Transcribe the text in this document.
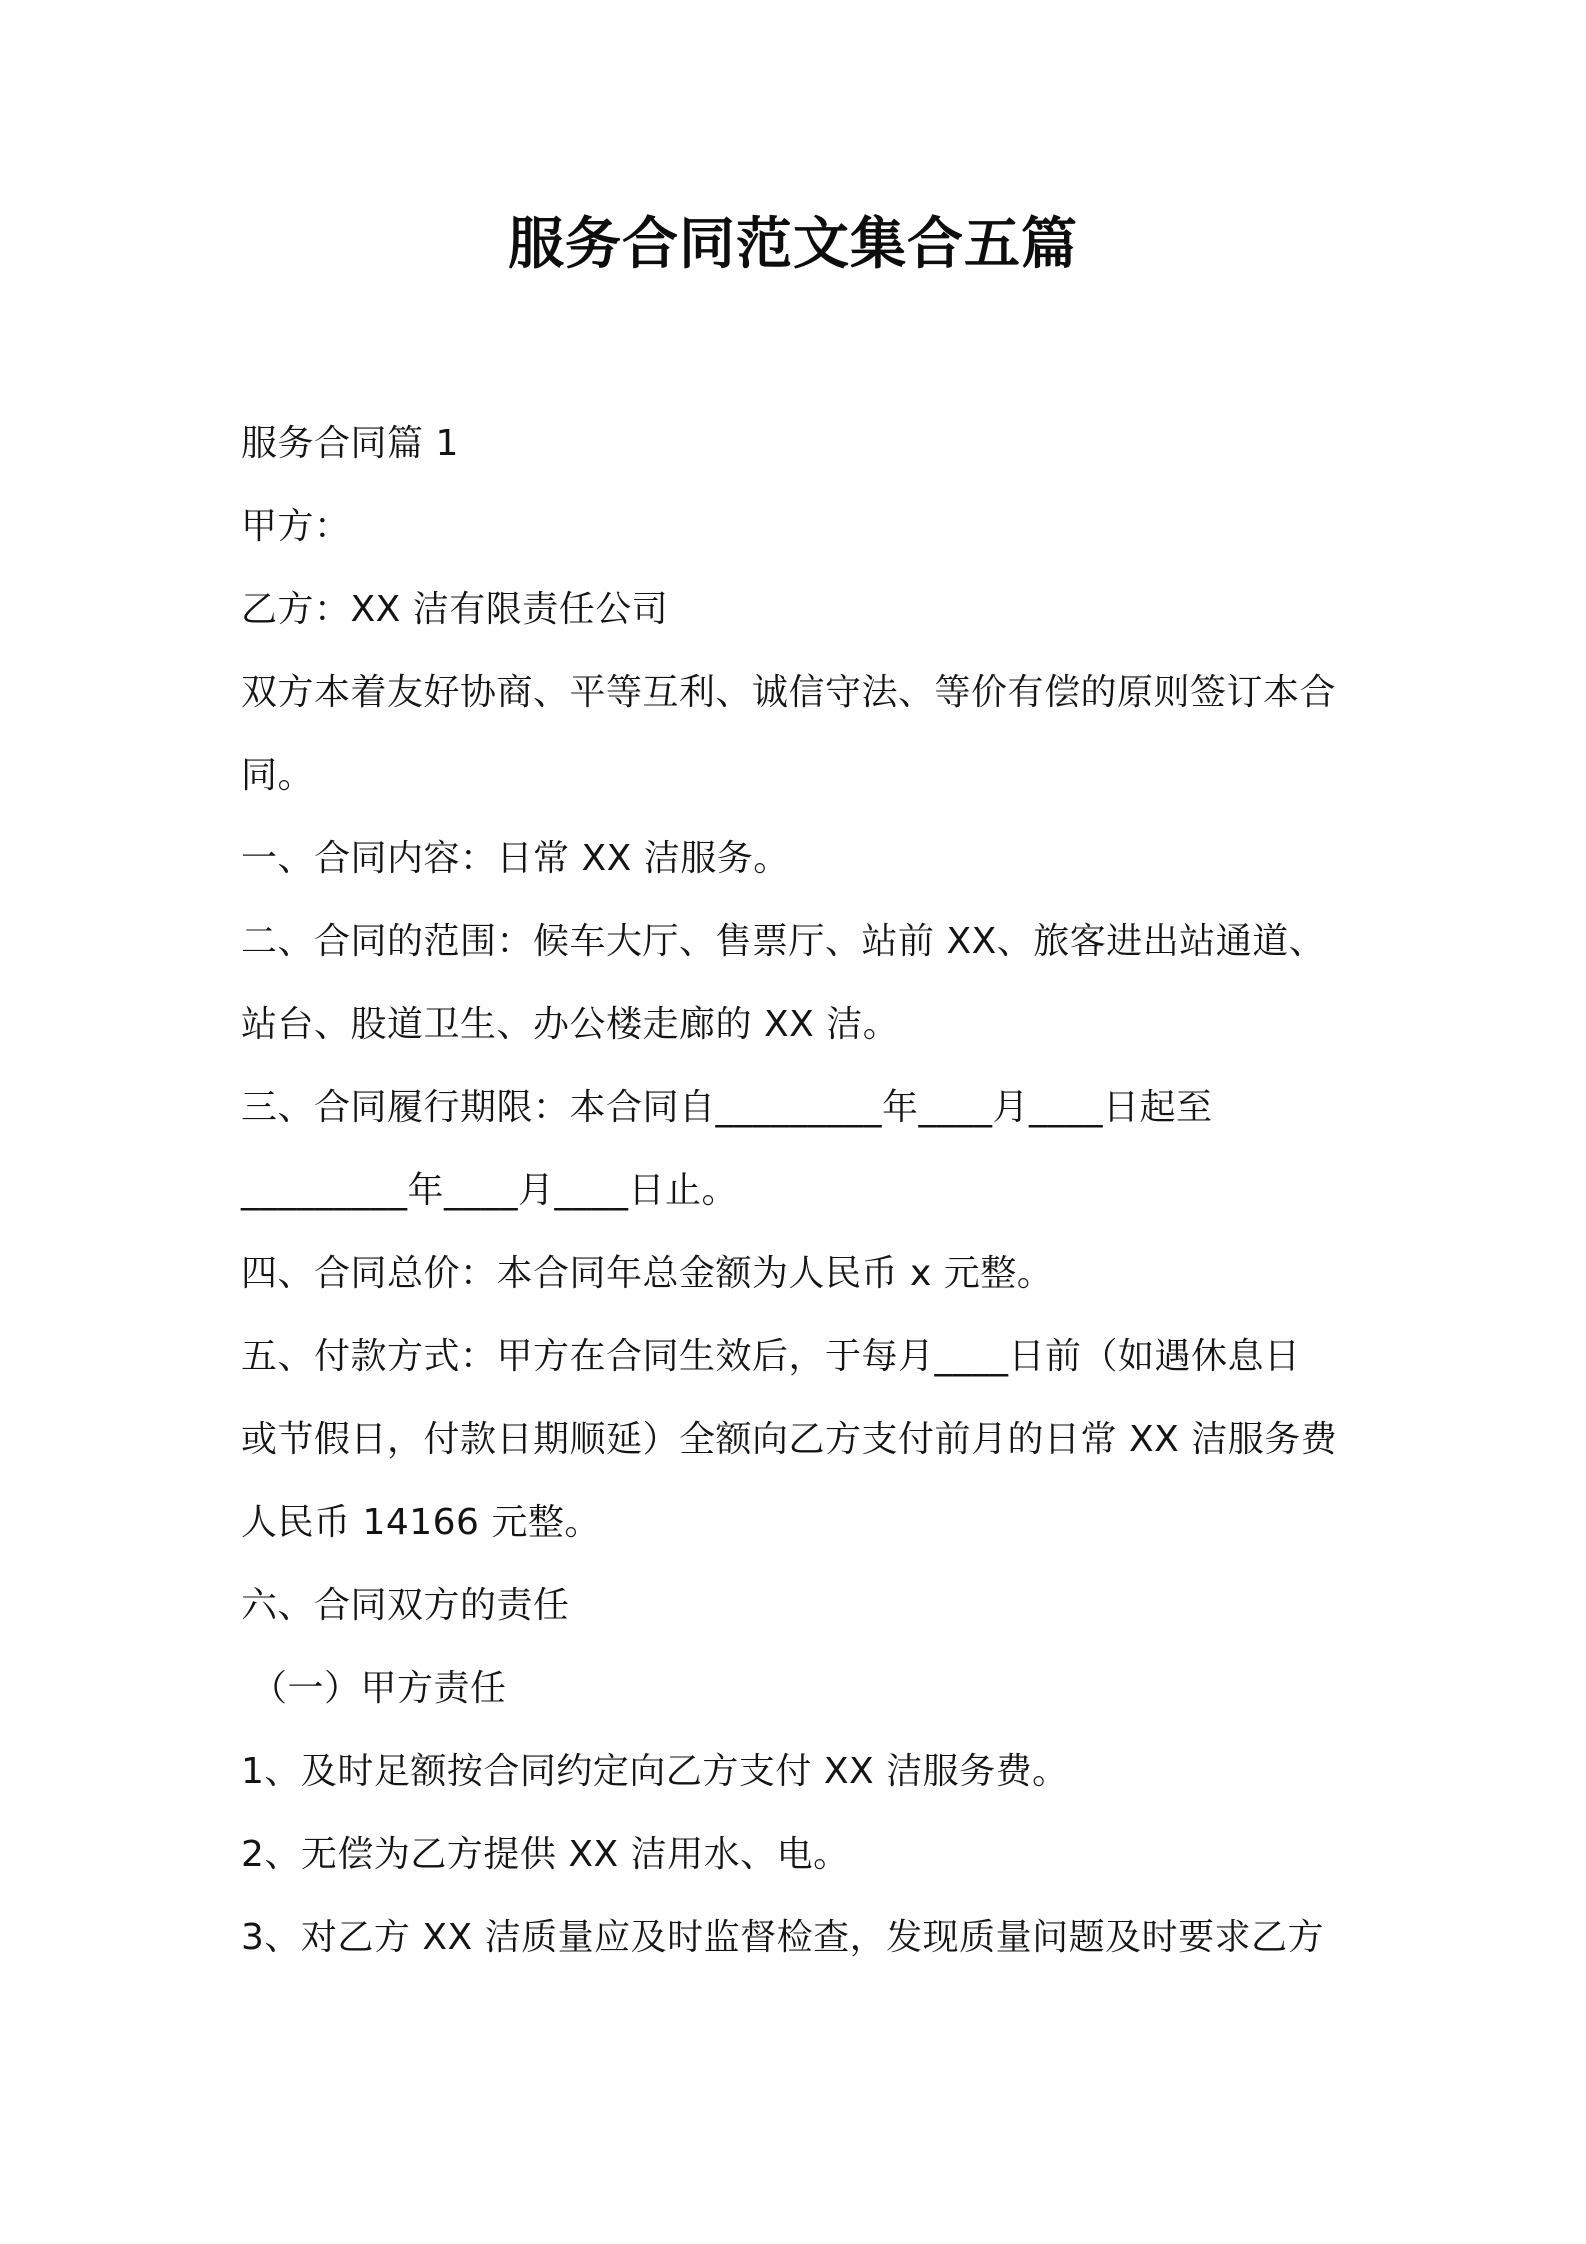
服务合同范文集合五篇
服务合同篇 1
甲方：
乙方：XX 洁有限责任公司
双方本着友好协商、平等互利、诚信守法、等价有偿的原则签订本合
同。
一、合同内容：日常 XX 洁服务。
二、合同的范围：候车大厅、售票厅、站前 XX、旅客进出站通道、
站台、股道卫生、办公楼走廊的 XX 洁。
三、合同履行期限：本合同自_________年____月____日起至
_________年____月____日止。
四、合同总价：本合同年总金额为人民币 x 元整。
五、付款方式：甲方在合同生效后，于每月____日前（如遇休息日
或节假日，付款日期顺延）全额向乙方支付前月的日常 XX 洁服务费
人民币 14166 元整。
六、合同双方的责任
（一）甲方责任
1、及时足额按合同约定向乙方支付 XX 洁服务费。
2、无偿为乙方提供 XX 洁用水、电。
3、对乙方 XX 洁质量应及时监督检查，发现质量问题及时要求乙方
